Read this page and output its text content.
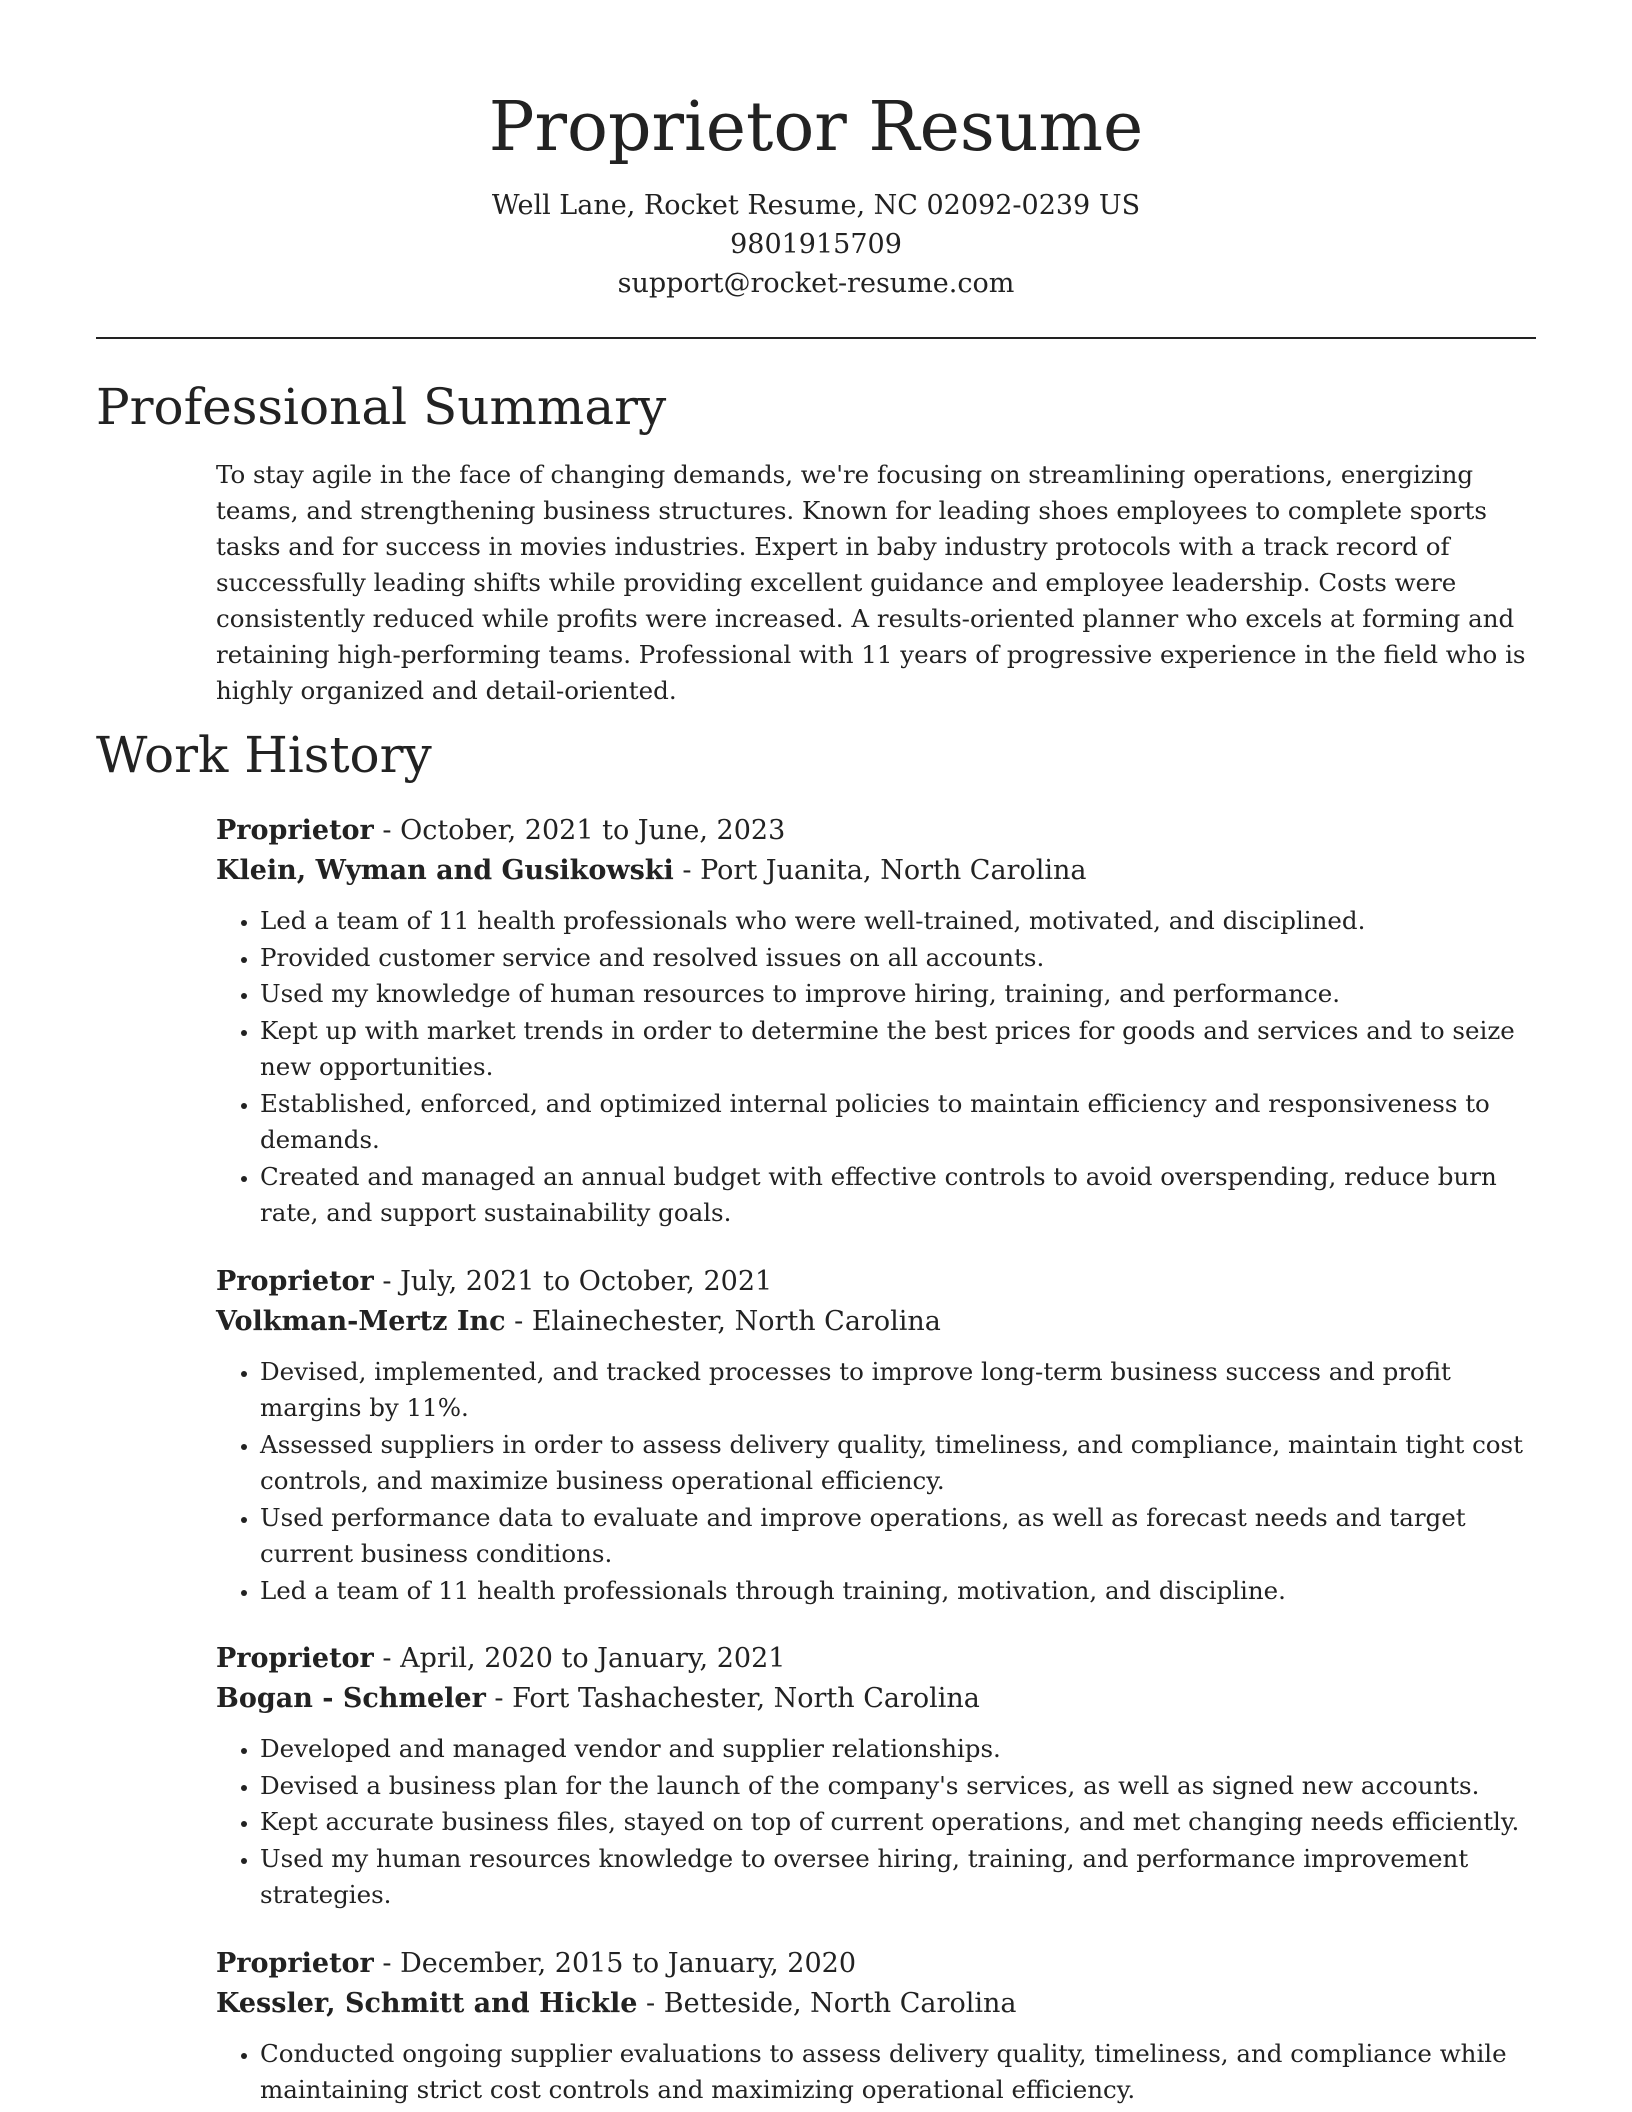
Proprietor Resume
Well Lane, Rocket Resume, NC 02092-0239 US
9801915709
support@rocket-resume.com
Professional Summary
To stay agile in the face of changing demands, we're focusing on streamlining operations, energizing teams, and strengthening business structures. Known for leading shoes employees to complete sports tasks and for success in movies industries. Expert in baby industry protocols with a track record of successfully leading shifts while providing excellent guidance and employee leadership. Costs were consistently reduced while profits were increased. A results-oriented planner who excels at forming and retaining high-performing teams. Professional with 11 years of progressive experience in the field who is highly organized and detail-oriented.
Work History
Proprietor - October, 2021 to June, 2023
Klein, Wyman and Gusikowski - Port Juanita, North Carolina
• Led a team of 11 health professionals who were well-trained, motivated, and disciplined.
• Provided customer service and resolved issues on all accounts.
• Used my knowledge of human resources to improve hiring, training, and performance.
• Kept up with market trends in order to determine the best prices for goods and services and to seize new opportunities.
• Established, enforced, and optimized internal policies to maintain efficiency and responsiveness to demands.
• Created and managed an annual budget with effective controls to avoid overspending, reduce burn rate, and support sustainability goals.
Proprietor - July, 2021 to October, 2021
Volkman-Mertz Inc - Elainechester, North Carolina
• Devised, implemented, and tracked processes to improve long-term business success and profit margins by 11%.
• Assessed suppliers in order to assess delivery quality, timeliness, and compliance, maintain tight cost controls, and maximize business operational efficiency.
• Used performance data to evaluate and improve operations, as well as forecast needs and target current business conditions.
• Led a team of 11 health professionals through training, motivation, and discipline.
Proprietor - April, 2020 to January, 2021
Bogan - Schmeler - Fort Tashachester, North Carolina
• Developed and managed vendor and supplier relationships.
• Devised a business plan for the launch of the company's services, as well as signed new accounts.
• Kept accurate business files, stayed on top of current operations, and met changing needs efficiently.
• Used my human resources knowledge to oversee hiring, training, and performance improvement strategies.
Proprietor - December, 2015 to January, 2020
Kessler, Schmitt and Hickle - Betteside, North Carolina
• Conducted ongoing supplier evaluations to assess delivery quality, timeliness, and compliance while maintaining strict cost controls and maximizing operational efficiency.
